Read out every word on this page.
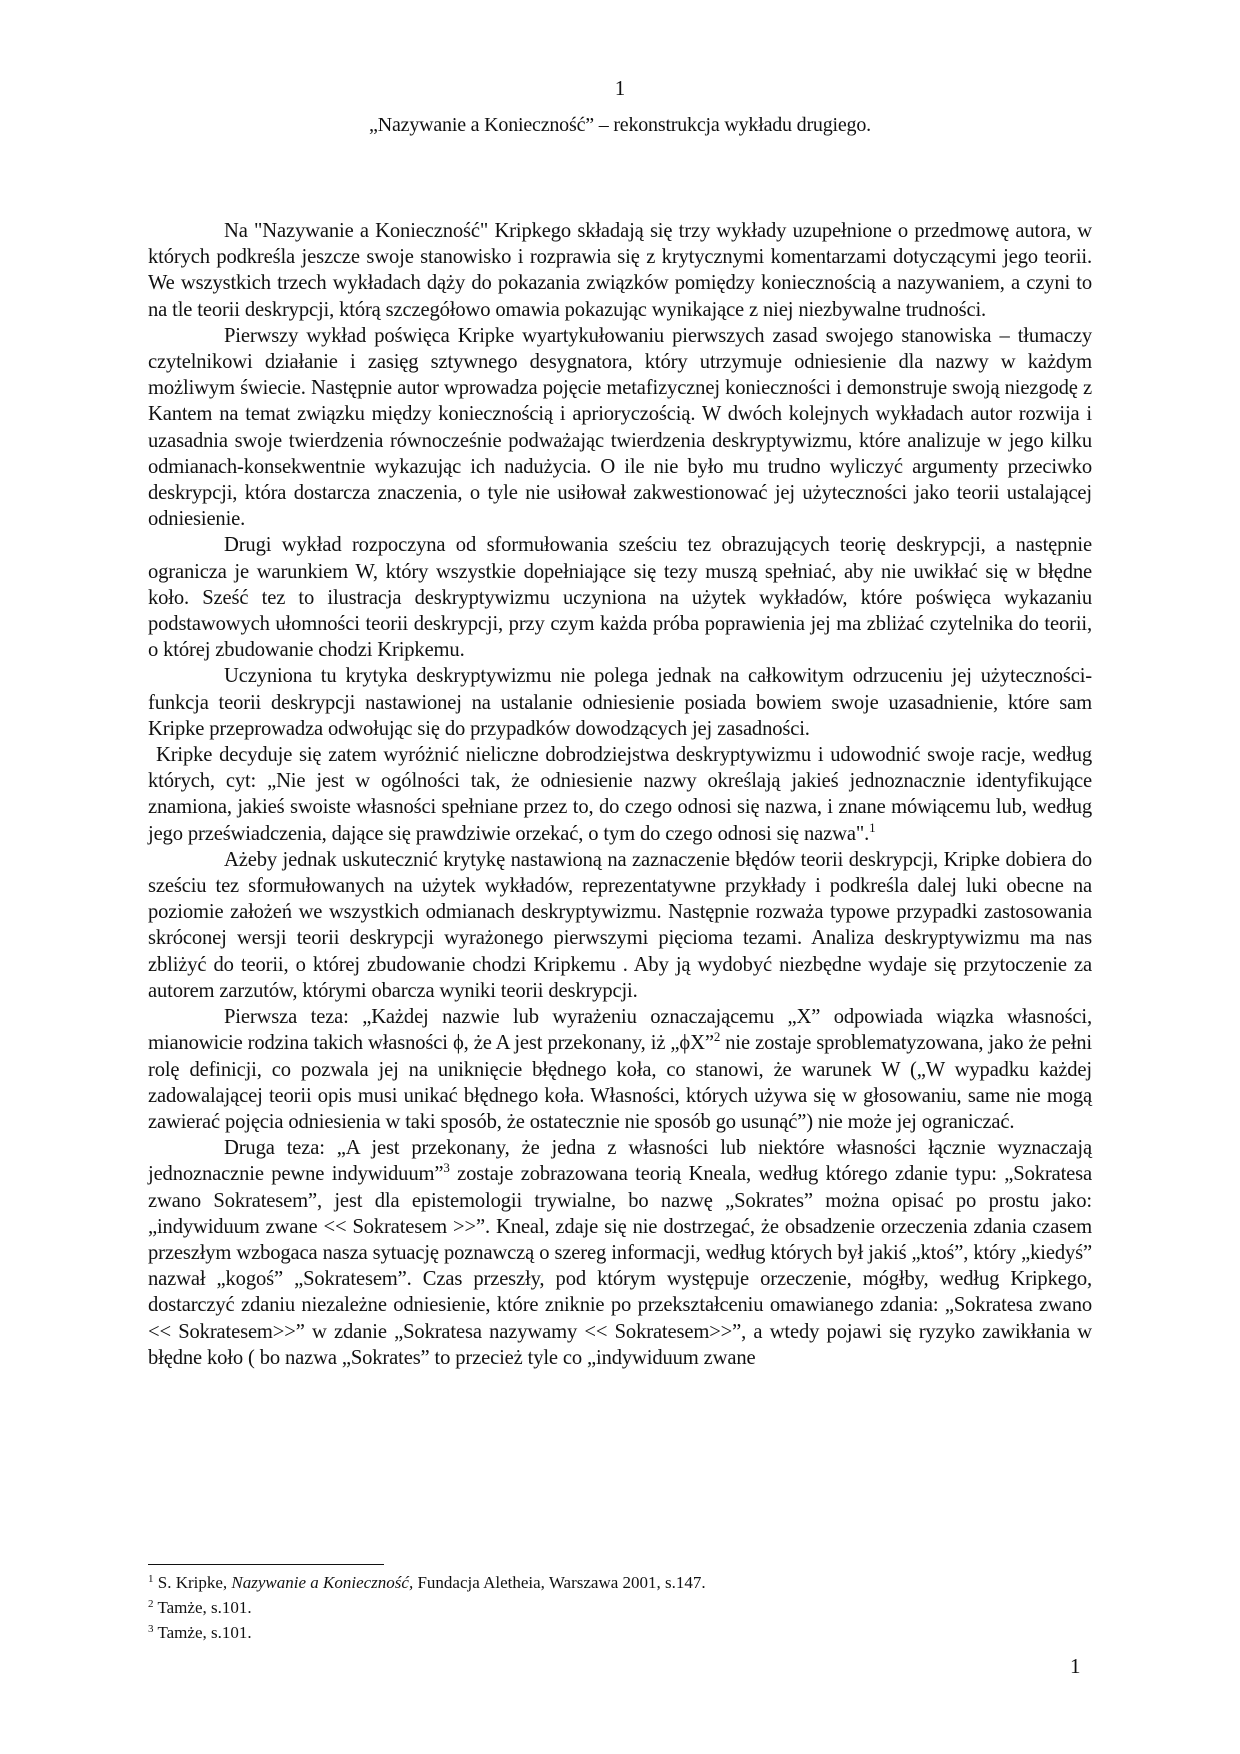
1
„Nazywanie a Konieczność” – rekonstrukcja wykładu drugiego.

Na "Nazywanie a Konieczność" Kripkego składają się trzy wykłady uzupełnione o przedmowę autora, w których podkreśla jeszcze swoje stanowisko i rozprawia się z krytycznymi komentarzami dotyczącymi jego teorii. We wszystkich trzech wykładach dąży do pokazania związków pomiędzy koniecznością a nazywaniem, a czyni to na tle teorii deskrypcji, którą szczegółowo omawia pokazując wynikające z niej niezbywalne trudności.

Pierwszy wykład poświęca Kripke wyartykułowaniu pierwszych zasad swojego stanowiska – tłumaczy czytelnikowi działanie i zasięg sztywnego desygnatora, który utrzymuje odniesienie dla nazwy w każdym możliwym świecie. Następnie autor wprowadza pojęcie metafizycznej konieczności i demonstruje swoją niezgodę z Kantem na temat związku między koniecznością i aprioryczością. W dwóch kolejnych wykładach autor rozwija i uzasadnia swoje twierdzenia równocześnie podważając twierdzenia deskryptywizmu, które analizuje w jego kilku odmianach-konsekwentnie wykazując ich nadużycia. O ile nie było mu trudno wyliczyć argumenty przeciwko deskrypcji, która dostarcza znaczenia, o tyle nie usiłował zakwestionować jej użyteczności jako teorii ustalającej odniesienie.

Drugi wykład rozpoczyna od sformułowania sześciu tez obrazujących teorię deskrypcji, a następnie ogranicza je warunkiem W, który wszystkie dopełniające się tezy muszą spełniać, aby nie uwikłać się w błędne koło. Sześć tez to ilustracja deskryptywizmu uczyniona na użytek wykładów, które poświęca wykazaniu podstawowych ułomności teorii deskrypcji, przy czym każda próba poprawienia jej ma zbliżać czytelnika do teorii, o której zbudowanie chodzi Kripkemu.

Uczyniona tu krytyka deskryptywizmu nie polega jednak na całkowitym odrzuceniu jej użyteczności- funkcja teorii deskrypcji nastawionej na ustalanie odniesienie posiada bowiem swoje uzasadnienie, które sam Kripke przeprowadza odwołując się do przypadków dowodzących jej zasadności.

Kripke decyduje się zatem wyróżnić nieliczne dobrodziejstwa deskryptywizmu i udowodnić swoje racje, według których, cyt: „Nie jest w ogólności tak, że odniesienie nazwy określają jakieś jednoznacznie identyfikujące znamiona, jakieś swoiste własności spełniane przez to, do czego odnosi się nazwa, i znane mówiącemu lub, według jego przeświadczenia, dające się prawdziwie orzekać, o tym do czego odnosi się nazwa".$^1$

Ażeby jednak uskutecznić krytykę nastawioną na zaznaczenie błędów teorii deskrypcji, Kripke dobiera do sześciu tez sformułowanych na użytek wykładów, reprezentatywne przykłady i podkreśla dalej luki obecne na poziomie założeń we wszystkich odmianach deskryptywizmu. Następnie rozważa typowe przypadki zastosowania skróconej wersji teorii deskrypcji wyrażonego pierwszymi pięcioma tezami. Analiza deskryptywizmu ma nas zbliżyć do teorii, o której zbudowanie chodzi Kripkemu . Aby ją wydobyć niezbędne wydaje się przytoczenie za autorem zarzutów, którymi obarcza wyniki teorii deskrypcji.

Pierwsza teza: „Każdej nazwie lub wyrażeniu oznaczającemu „X” odpowiada wiązka własności, mianowicie rodzina takich własności ϕ, że A jest przekonany, iż „ϕX”$^2$ nie zostaje sproblematyzowana, jako że pełni rolę definicji, co pozwala jej na uniknięcie błędnego koła, co stanowi, że warunek W („W wypadku każdej zadowalającej teorii opis musi unikać błędnego koła. Własności, których używa się w głosowaniu, same nie mogą zawierać pojęcia odniesienia w taki sposób, że ostatecznie nie sposób go usunąć”) nie może jej ograniczać.

Druga teza: „A jest przekonany, że jedna z własności lub niektóre własności łącznie wyznaczają jednoznacznie pewne indywiduum”$^3$ zostaje zobrazowana teorią Kneala, według którego zdanie typu: „Sokratesa zwano Sokratesem”, jest dla epistemologii trywialne, bo nazwę „Sokrates” można opisać po prostu jako: „indywiduum zwane << Sokratesem >>”. Kneal, zdaje się nie dostrzegać, że obsadzenie orzeczenia zdania czasem przeszłym wzbogaca nasza sytuację poznawczą o szereg informacji, według których był jakiś „ktoś”, który „kiedyś” nazwał „kogoś” „Sokratesem”. Czas przeszły, pod którym występuje orzeczenie, mógłby, według Kripkego, dostarczyć zdaniu niezależne odniesienie, które zniknie po przekształceniu omawianego zdania: „Sokratesa zwano << Sokratesem>>” w zdanie „Sokratesa nazywamy << Sokratesem>>”, a wtedy pojawi się ryzyko zawikłania w błędne koło ( bo nazwa „Sokrates” to przecież tyle co „indywiduum zwane

$^1$ S. Kripke, Nazywanie a Konieczność, Fundacja Aletheia, Warszawa 2001, s.147.
$^2$ Tamże, s.101.
$^3$ Tamże, s.101.
1
